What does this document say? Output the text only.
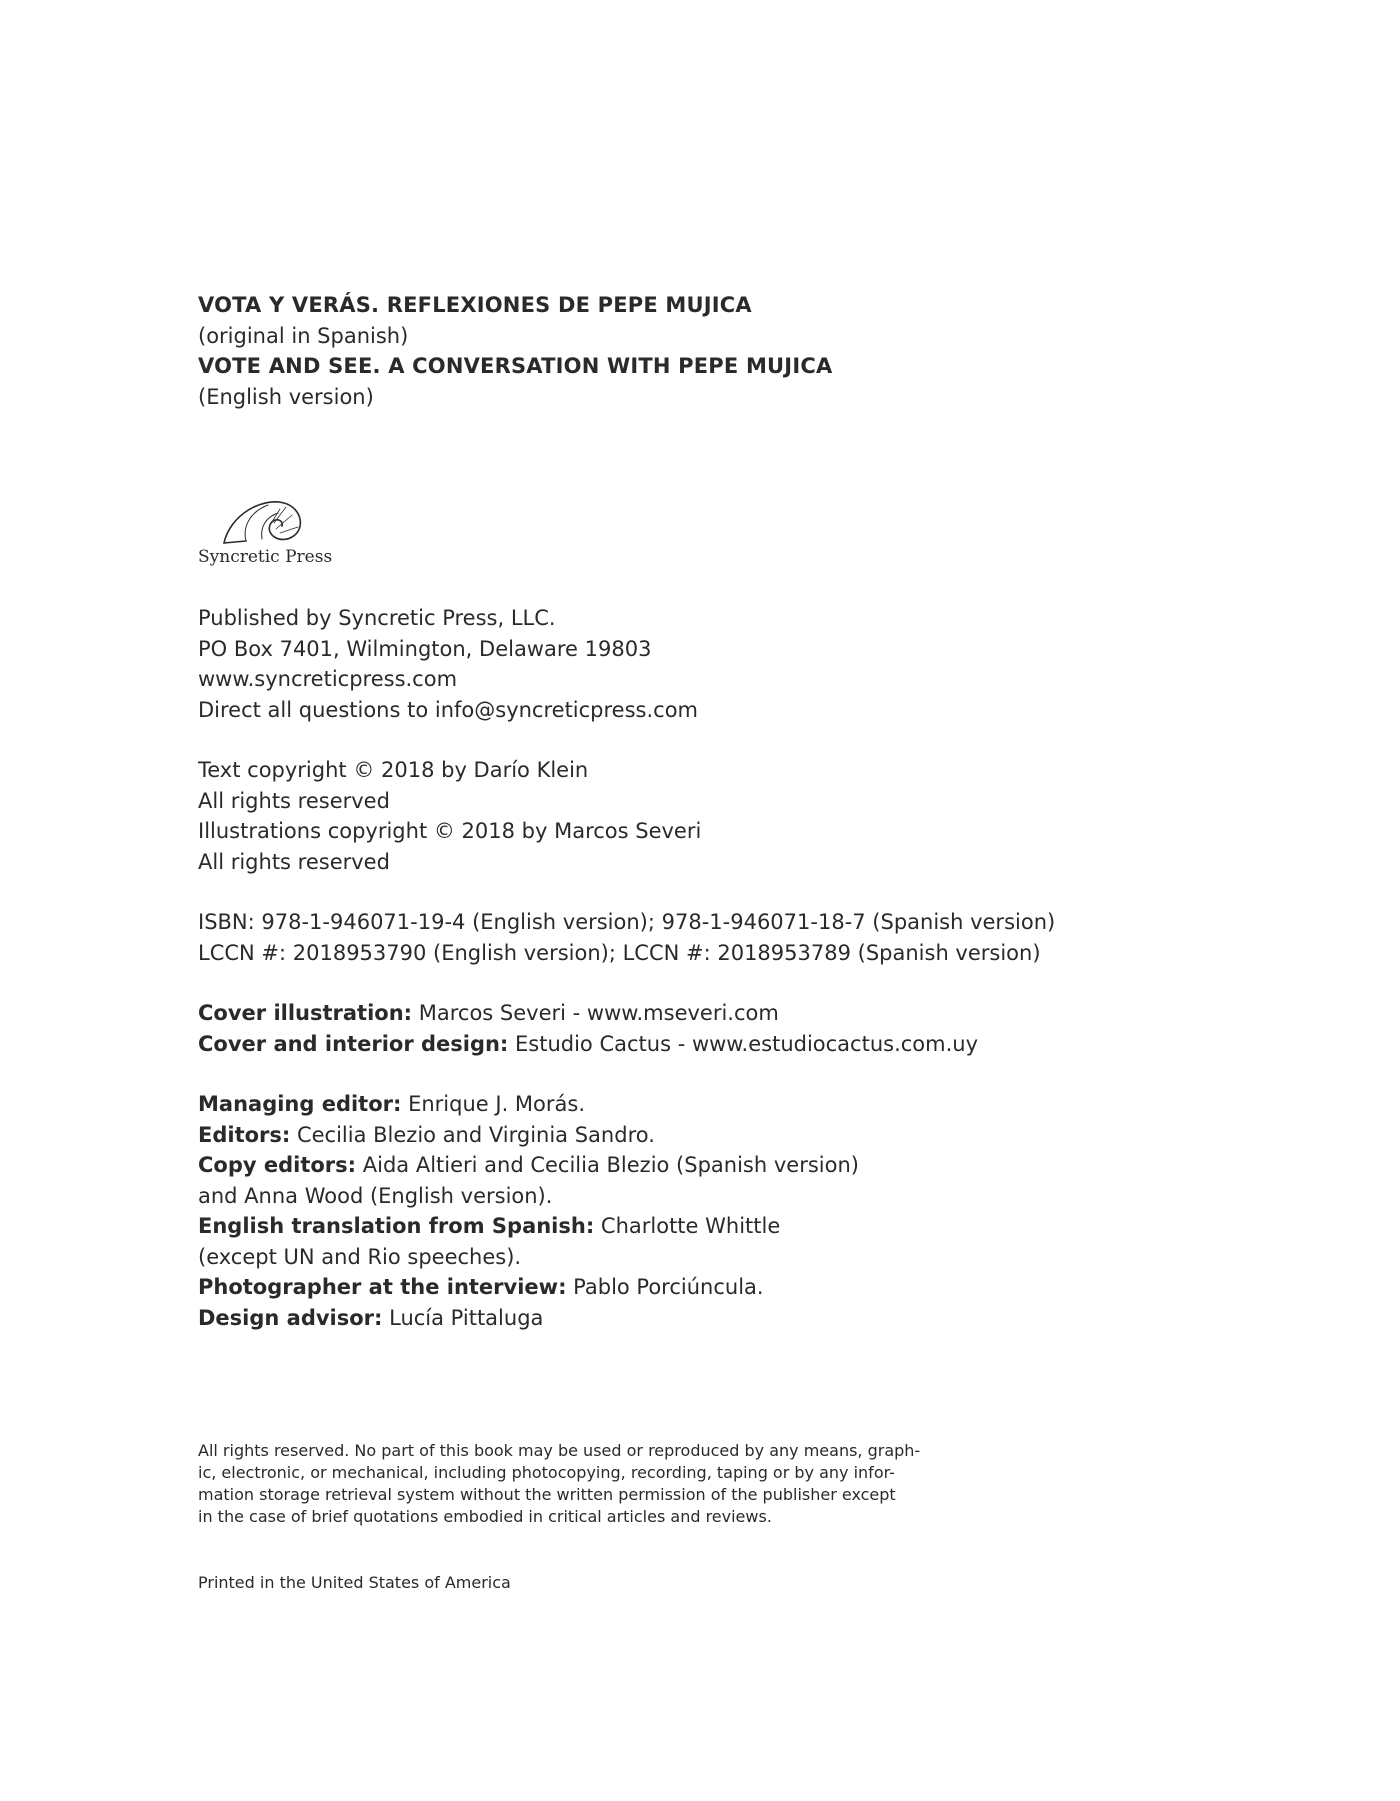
VOTA Y VERÁS. REFLEXIONES DE PEPE MUJICA
(original in Spanish)
VOTE AND SEE. A CONVERSATION WITH PEPE MUJICA
(English version)
Syncretic Press
Published by Syncretic Press, LLC.
PO Box 7401, Wilmington, Delaware 19803
www.syncreticpress.com
Direct all questions to info@syncreticpress.com
Text copyright © 2018 by Darío Klein
All rights reserved
Illustrations copyright © 2018 by Marcos Severi
All rights reserved
ISBN: 978-1-946071-19-4 (English version); 978-1-946071-18-7 (Spanish version)
LCCN #: 2018953790 (English version); LCCN #: 2018953789 (Spanish version)
Cover illustration: Marcos Severi - www.mseveri.com
Cover and interior design: Estudio Cactus - www.estudiocactus.com.uy
Managing editor: Enrique J. Morás.
Editors: Cecilia Blezio and Virginia Sandro.
Copy editors: Aida Altieri and Cecilia Blezio (Spanish version)
and Anna Wood (English version).
English translation from Spanish: Charlotte Whittle
(except UN and Rio speeches).
Photographer at the interview: Pablo Porciúncula.
Design advisor: Lucía Pittaluga
All rights reserved. No part of this book may be used or reproduced by any means, graph-
ic, electronic, or mechanical, including photocopying, recording, taping or by any infor-
mation storage retrieval system without the written permission of the publisher except
in the case of brief quotations embodied in critical articles and reviews.
Printed in the United States of America
